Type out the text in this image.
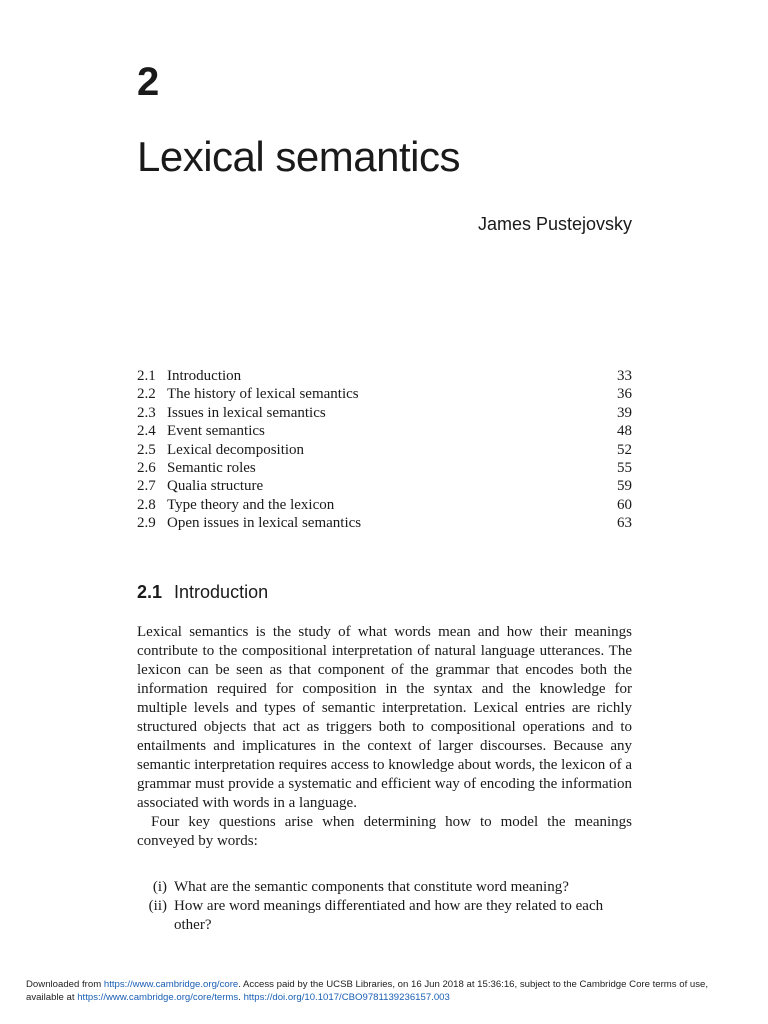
2
Lexical semantics
James Pustejovsky
2.1 Introduction	33
2.2 The history of lexical semantics	36
2.3 Issues in lexical semantics	39
2.4 Event semantics	48
2.5 Lexical decomposition	52
2.6 Semantic roles	55
2.7 Qualia structure	59
2.8 Type theory and the lexicon	60
2.9 Open issues in lexical semantics	63
2.1 Introduction

Lexical semantics is the study of what words mean and how their meanings contribute to the compositional interpretation of natural language utterances. The lexicon can be seen as that component of the grammar that encodes both the information required for composition in the syntax and the knowledge for multiple levels and types of semantic interpretation. Lexical entries are richly structured objects that act as triggers both to compositional operations and to entailments and implicatures in the context of larger discourses. Because any semantic interpretation requires access to knowledge about words, the lexicon of a grammar must provide a systematic and efficient way of encoding the information associated with words in a language.

Four key questions arise when determining how to model the meanings conveyed by words:

(i) What are the semantic components that constitute word meaning?
(ii) How are word meanings differentiated and how are they related to each other?
Downloaded from https://www.cambridge.org/core. Access paid by the UCSB Libraries, on 16 Jun 2018 at 15:36:16, subject to the Cambridge Core terms of use,
available at https://www.cambridge.org/core/terms. https://doi.org/10.1017/CBO9781139236157.003
